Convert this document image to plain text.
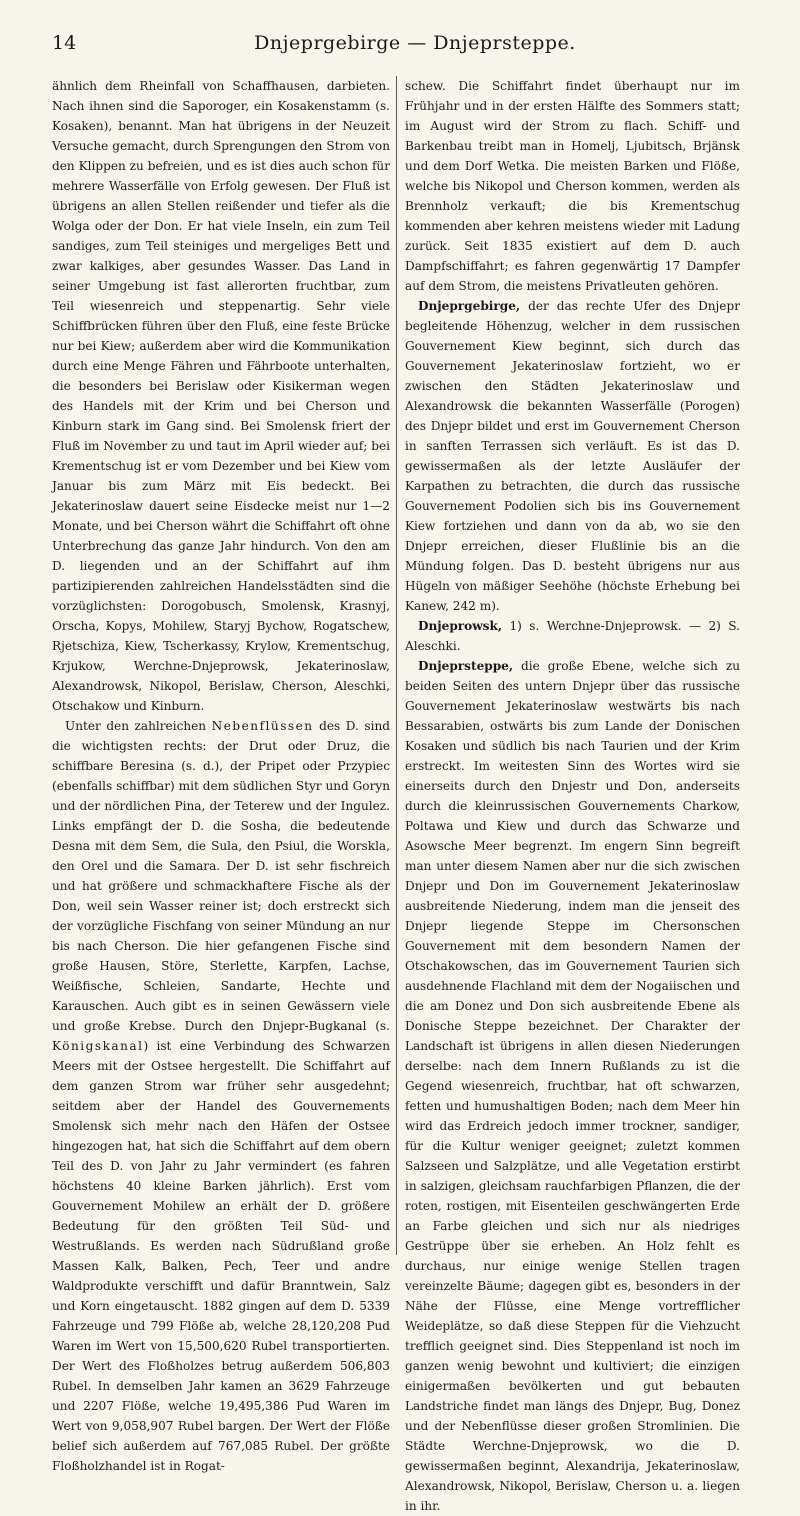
14	Dnjeprgebirge — Dnjeprsteppe.

ähnlich dem Rheinfall von Schaffhausen, darbieten. Nach ihnen sind die Saporoger, ein Kosakenstamm (s. Kosaken), benannt. Man hat übrigens in der Neuzeit Versuche gemacht, durch Sprengungen den Strom von den Klippen zu befreien, und es ist dies auch schon für mehrere Wasserfälle von Erfolg gewesen. Der Fluß ist übrigens an allen Stellen reißender und tiefer als die Wolga oder der Don. Er hat viele Inseln, ein zum Teil sandiges, zum Teil steiniges und mergeliges Bett und zwar kalkiges, aber gesundes Wasser. Das Land in seiner Umgebung ist fast allerorten fruchtbar, zum Teil wiesenreich und steppenartig. Sehr viele Schiffbrücken führen über den Fluß, eine feste Brücke nur bei Kiew; außerdem aber wird die Kommunikation durch eine Menge Fähren und Fährboote unterhalten, die besonders bei Berislaw oder Kisikerman wegen des Handels mit der Krim und bei Cherson und Kinburn stark im Gang sind. Bei Smolensk friert der Fluß im November zu und taut im April wieder auf; bei Krementschug ist er vom Dezember und bei Kiew vom Januar bis zum März mit Eis bedeckt. Bei Jekaterinoslaw dauert seine Eisdecke meist nur 1—2 Monate, und bei Cherson währt die Schiffahrt oft ohne Unterbrechung das ganze Jahr hindurch. Von den am D. liegenden und an der Schiffahrt auf ihm partizipierenden zahlreichen Handelsstädten sind die vorzüglichsten: Dorogobusch, Smolensk, Krasnyj, Orscha, Kopys, Mohilew, Staryj Bychow, Rogatschew, Rjetschiza, Kiew, Tscherkassy, Krylow, Krementschug, Krjukow, Werchne-Dnjeprowsk, Jekaterinoslaw, Alexandrowsk, Nikopol, Berislaw, Cherson, Aleschki, Otschakow und Kinburn.

Unter den zahlreichen Nebenflüssen des D. sind die wichtigsten rechts: der Drut oder Druz, die schiffbare Beresina (s. d.), der Pripet oder Przypiec (ebenfalls schiffbar) mit dem südlichen Styr und Goryn und der nördlichen Pina, der Teterew und der Ingulez. Links empfängt der D. die Sosha, die bedeutende Desna mit dem Sem, die Sula, den Psiul, die Worskla, den Orel und die Samara. Der D. ist sehr fischreich und hat größere und schmackhaftere Fische als der Don, weil sein Wasser reiner ist; doch erstreckt sich der vorzügliche Fischfang von seiner Mündung an nur bis nach Cherson. Die hier gefangenen Fische sind große Hausen, Störe, Sterlette, Karpfen, Lachse, Weißfische, Schleien, Sandarte, Hechte und Karauschen. Auch gibt es in seinen Gewässern viele und große Krebse. Durch den Dnjepr-Bugkanal (s. Königskanal) ist eine Verbindung des Schwarzen Meers mit der Ostsee hergestellt. Die Schiffahrt auf dem ganzen Strom war früher sehr ausgedehnt; seitdem aber der Handel des Gouvernements Smolensk sich mehr nach den Häfen der Ostsee hingezogen hat, hat sich die Schiffahrt auf dem obern Teil des D. von Jahr zu Jahr vermindert (es fahren höchstens 40 kleine Barken jährlich). Erst vom Gouvernement Mohilew an erhält der D. größere Bedeutung für den größten Teil Süd- und Westrußlands. Es werden nach Südrußland große Massen Kalk, Balken, Pech, Teer und andre Waldprodukte verschifft und dafür Branntwein, Salz und Korn eingetauscht. 1882 gingen auf dem D. 5339 Fahrzeuge und 799 Flöße ab, welche 28,120,208 Pud Waren im Wert von 15,500,620 Rubel transportierten. Der Wert des Floßholzes betrug außerdem 506,803 Rubel. In demselben Jahr kamen an 3629 Fahrzeuge und 2207 Flöße, welche 19,495,386 Pud Waren im Wert von 9,058,907 Rubel bargen. Der Wert der Flöße belief sich außerdem auf 767,085 Rubel. Der größte Floßholzhandel ist in Rogat-

schew. Die Schiffahrt findet überhaupt nur im Frühjahr und in der ersten Hälfte des Sommers statt; im August wird der Strom zu flach. Schiff- und Barkenbau treibt man in Homelj, Ljubitsch, Brjänsk und dem Dorf Wetka. Die meisten Barken und Flöße, welche bis Nikopol und Cherson kommen, werden als Brennholz verkauft; die bis Krementschug kommenden aber kehren meistens wieder mit Ladung zurück. Seit 1835 existiert auf dem D. auch Dampfschiffahrt; es fahren gegenwärtig 17 Dampfer auf dem Strom, die meistens Privatleuten gehören.

Dnjeprgebirge, der das rechte Ufer des Dnjepr begleitende Höhenzug, welcher in dem russischen Gouvernement Kiew beginnt, sich durch das Gouvernement Jekaterinoslaw fortzieht, wo er zwischen den Städten Jekaterinoslaw und Alexandrowsk die bekannten Wasserfälle (Porogen) des Dnjepr bildet und erst im Gouvernement Cherson in sanften Terrassen sich verläuft. Es ist das D. gewissermaßen als der letzte Ausläufer der Karpathen zu betrachten, die durch das russische Gouvernement Podolien sich bis ins Gouvernement Kiew fortziehen und dann von da ab, wo sie den Dnjepr erreichen, dieser Flußlinie bis an die Mündung folgen. Das D. besteht übrigens nur aus Hügeln von mäßiger Seehöhe (höchste Erhebung bei Kanew, 242 m).

Dnjeprowsk, 1) s. Werchne-Dnjeprowsk. — 2) S. Aleschki.

Dnjeprsteppe, die große Ebene, welche sich zu beiden Seiten des untern Dnjepr über das russische Gouvernement Jekaterinoslaw westwärts bis nach Bessarabien, ostwärts bis zum Lande der Donischen Kosaken und südlich bis nach Taurien und der Krim erstreckt. Im weitesten Sinn des Wortes wird sie einerseits durch den Dnjestr und Don, anderseits durch die kleinrussischen Gouvernements Charkow, Poltawa und Kiew und durch das Schwarze und Asowsche Meer begrenzt. Im engern Sinn begreift man unter diesem Namen aber nur die sich zwischen Dnjepr und Don im Gouvernement Jekaterinoslaw ausbreitende Niederung, indem man die jenseit des Dnjepr liegende Steppe im Chersonschen Gouvernement mit dem besondern Namen der Otschakowschen, das im Gouvernement Taurien sich ausdehnende Flachland mit dem der Nogaiischen und die am Donez und Don sich ausbreitende Ebene als Donische Steppe bezeichnet. Der Charakter der Landschaft ist übrigens in allen diesen Niederungen derselbe: nach dem Innern Rußlands zu ist die Gegend wiesenreich, fruchtbar, hat oft schwarzen, fetten und humushaltigen Boden; nach dem Meer hin wird das Erdreich jedoch immer trockner, sandiger, für die Kultur weniger geeignet; zuletzt kommen Salzseen und Salzplätze, und alle Vegetation erstirbt in salzigen, gleichsam rauchfarbigen Pflanzen, die der roten, rostigen, mit Eisenteilen geschwängerten Erde an Farbe gleichen und sich nur als niedriges Gestrüppe über sie erheben. An Holz fehlt es durchaus, nur einige wenige Stellen tragen vereinzelte Bäume; dagegen gibt es, besonders in der Nähe der Flüsse, eine Menge vortrefflicher Weideplätze, so daß diese Steppen für die Viehzucht trefflich geeignet sind. Dies Steppenland ist noch im ganzen wenig bewohnt und kultiviert; die einzigen einigermaßen bevölkerten und gut bebauten Landstriche findet man längs des Dnjepr, Bug, Donez und der Nebenflüsse dieser großen Stromlinien. Die Städte Werchne-Dnjeprowsk, wo die D. gewissermaßen beginnt, Alexandrija, Jekaterinoslaw, Alexandrowsk, Nikopol, Berislaw, Cherson u. a. liegen in ihr.
